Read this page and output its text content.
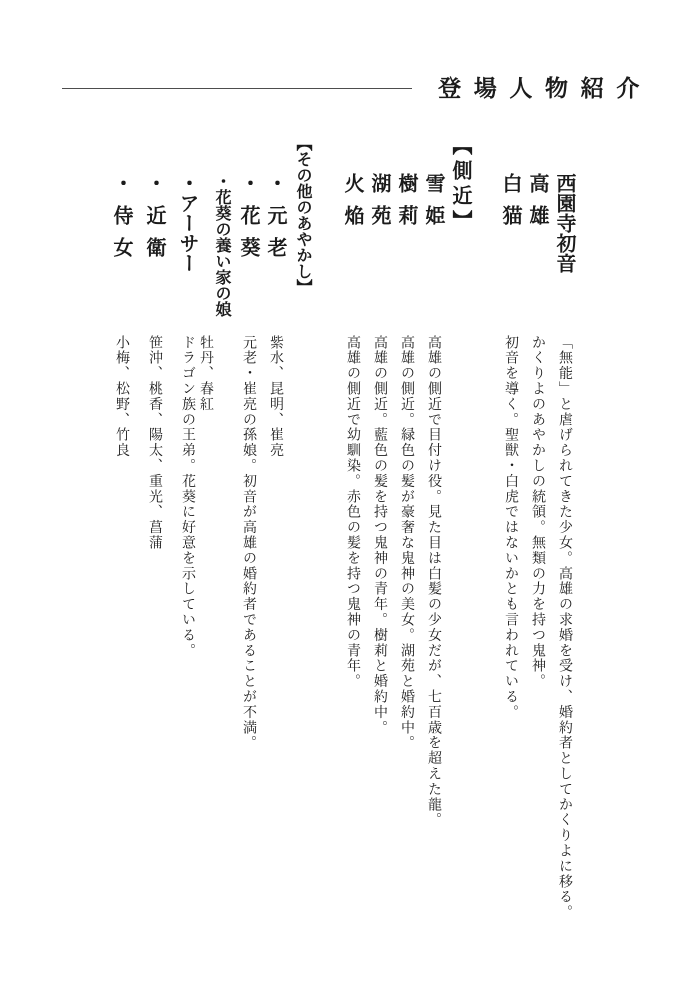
登場人物紹介
西園寺初音
「無能」と虐げられてきた少女。高雄の求婚を受け、婚約者としてかくりよに移る。
高雄
かくりよのあやかしの統領。無類の力を持つ鬼神。
白猫
初音を導く。聖獣・白虎ではないかとも言われている。
【側近】
雪姫
高雄の側近で目付け役。見た目は白髪の少女だが、七百歳を超えた龍。
樹莉
高雄の側近。緑色の髪が豪奢な鬼神の美女。湖苑と婚約中。
湖苑
高雄の側近。藍色の髪を持つ鬼神の青年。樹莉と婚約中。
火焔
高雄の側近で幼馴染。赤色の髪を持つ鬼神の青年。
【その他のあやかし】
・元老
紫水、昆明、崔亮
・花葵
元老・崔亮の孫娘。初音が高雄の婚約者であることが不満。
・花葵の養い家の娘
牡丹、春紅
・アーサー
ドラゴン族の王弟。花葵に好意を示している。
・近衛
笹沖、桃香、陽太、重光、菖蒲
・侍女
小梅、松野、竹良
